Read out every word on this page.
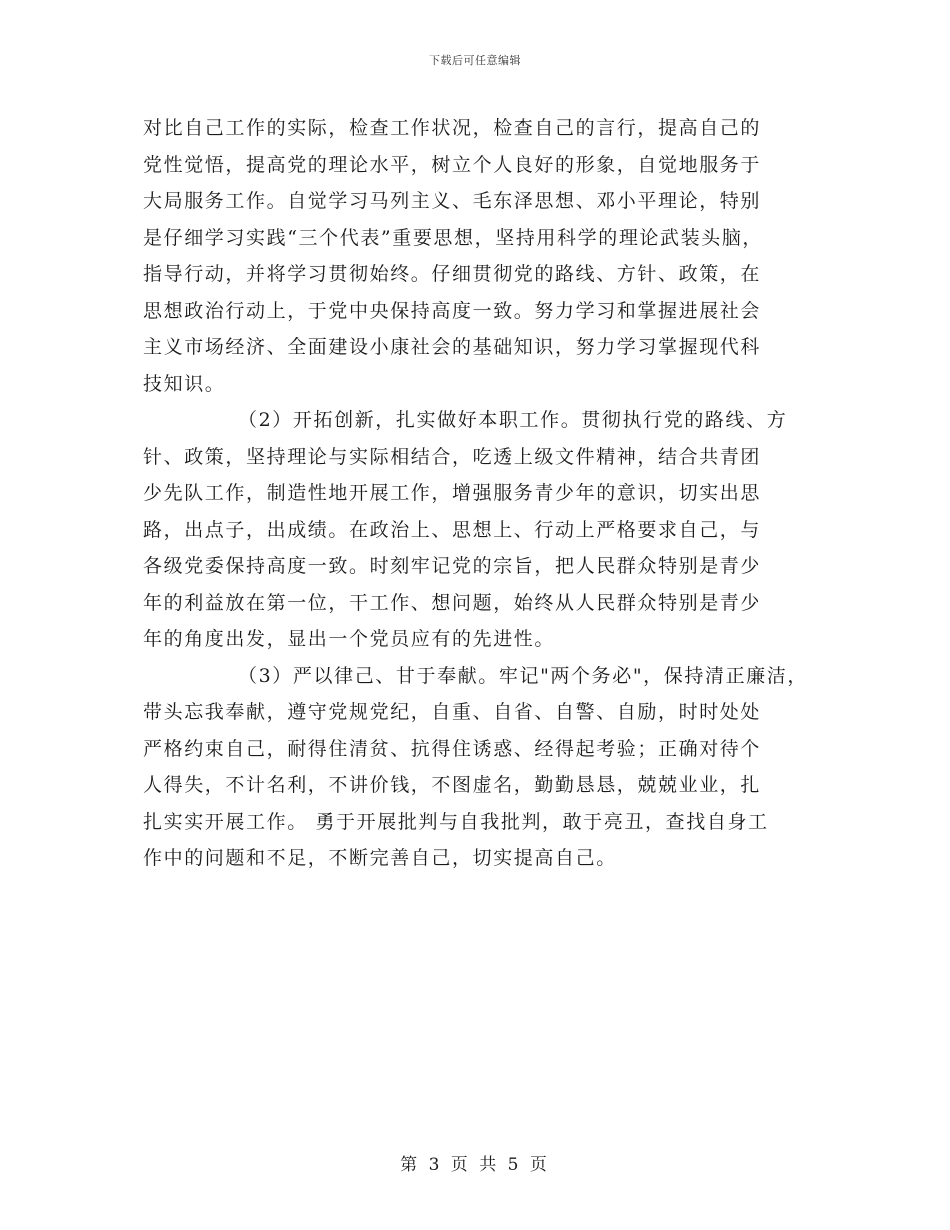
下载后可任意编辑

对比自己工作的实际，检查工作状况，检查自己的言行，提高自己的
党性觉悟，提高党的理论水平，树立个人良好的形象，自觉地服务于
大局服务工作。自觉学习马列主义、毛东泽思想、邓小平理论，特别
是仔细学习实践“三个代表”重要思想，坚持用科学的理论武装头脑，
指导行动，并将学习贯彻始终。仔细贯彻党的路线、方针、政策，在
思想政治行动上，于党中央保持高度一致。努力学习和掌握进展社会
主义市场经济、全面建设小康社会的基础知识，努力学习掌握现代科
技知识。

（2）开拓创新，扎实做好本职工作。贯彻执行党的路线、方
针、政策，坚持理论与实际相结合，吃透上级文件精神，结合共青团
少先队工作，制造性地开展工作，增强服务青少年的意识，切实出思
路，出点子，出成绩。在政治上、思想上、行动上严格要求自己，与
各级党委保持高度一致。时刻牢记党的宗旨，把人民群众特别是青少
年的利益放在第一位，干工作、想问题，始终从人民群众特别是青少
年的角度出发，显出一个党员应有的先进性。

（3）严以律己、甘于奉献。牢记"两个务必"，保持清正廉洁，
带头忘我奉献，遵守党规党纪，自重、自省、自警、自励，时时处处
严格约束自己，耐得住清贫、抗得住诱惑、经得起考验；正确对待个
人得失，不计名利，不讲价钱，不图虚名，勤勤恳恳，兢兢业业，扎
扎实实开展工作。 勇于开展批判与自我批判，敢于亮丑，查找自身工
作中的问题和不足，不断完善自己，切实提高自己。

第 3 页 共 5 页
